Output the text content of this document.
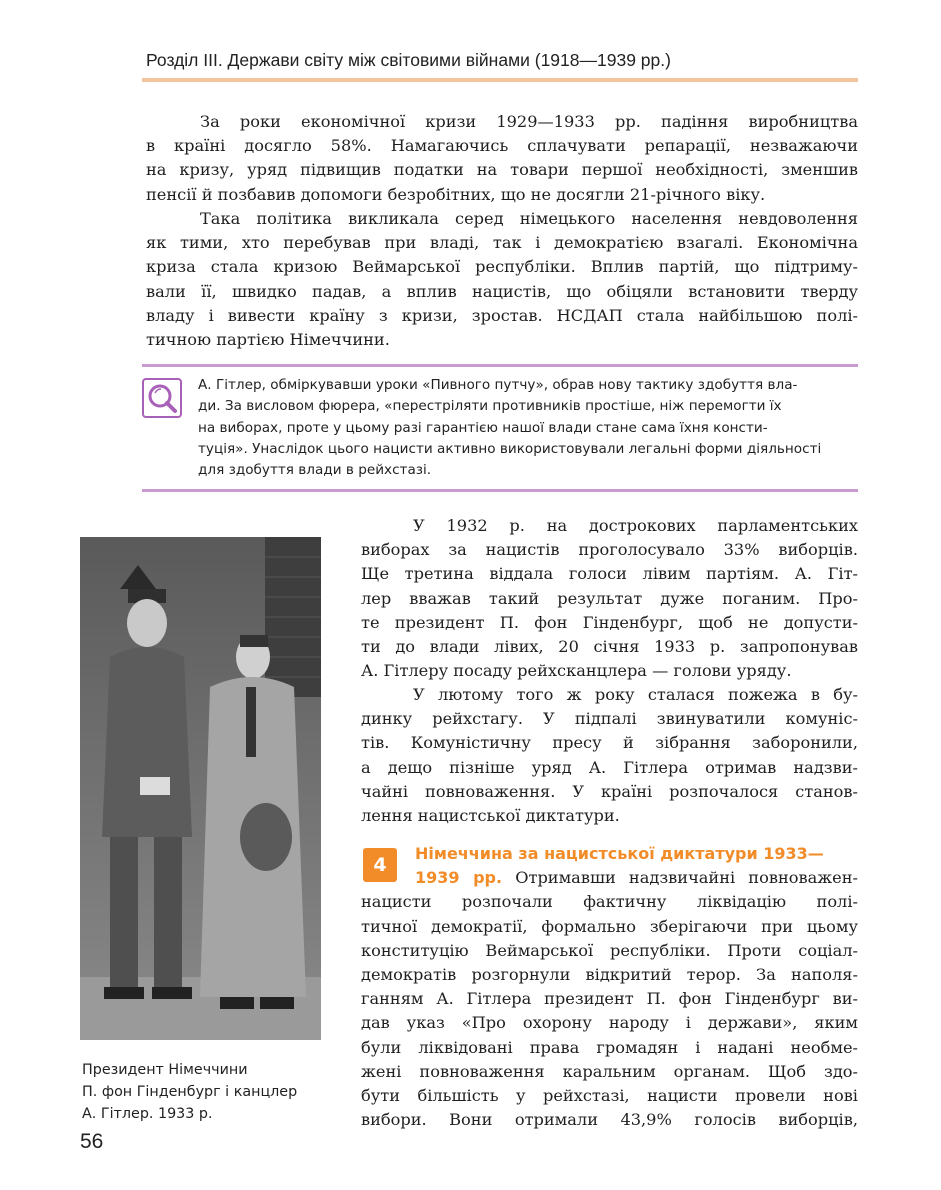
Розділ III. Держави світу між світовими війнами (1918—1939 рр.)
За роки економічної кризи 1929—1933 рр. падіння виробництва
в країні досягло 58%. Намагаючись сплачувати репарації, незважаючи
на кризу, уряд підвищив податки на товари першої необхідності, зменшив
пенсії й позбавив допомоги безробітних, що не досягли 21-річного віку.
Така політика викликала серед німецького населення невдоволення
як тими, хто перебував при владі, так і демократією взагалі. Економічна
криза стала кризою Веймарської республіки. Вплив партій, що підтриму-
вали її, швидко падав, а вплив нацистів, що обіцяли встановити тверду
владу і вивести країну з кризи, зростав. НСДАП стала найбільшою полі-
тичною партією Німеччини.
А. Гітлер, обміркувавши уроки «Пивного путчу», обрав нову тактику здобуття вла-
ди. За висловом фюрера, «перестріляти противників простіше, ніж перемогти їх
на виборах, проте у цьому разі гарантією нашої влади стане сама їхня консти-
туція». Унаслідок цього нацисти активно використовували легальні форми діяльності
для здобуття влади в рейхстазі.
Президент Німеччини
П. фон Гінденбург і канцлер
А. Гітлер. 1933 р.
У 1932 р. на дострокових парламентських
виборах за нацистів проголосувало 33% виборців.
Ще третина віддала голоси лівим партіям. А. Гіт-
лер вважав такий результат дуже поганим. Про-
те президент П. фон Гінденбург, щоб не допусти-
ти до влади лівих, 20 січня 1933 р. запропонував
А. Гітлеру посаду рейхсканцлера — голови уряду.
У лютому того ж року сталася пожежа в бу-
динку рейхстагу. У підпалі звинуватили комуніс-
тів. Комуністичну пресу й зібрання заборонили,
а дещо пізніше уряд А. Гітлера отримав надзви-
чайні повноваження. У країні розпочалося станов-
лення нацистської диктатури.
4
Німеччина за нацистської диктатури 1933—
1939 рр. Отримавши надзвичайні повноважен-
нацисти розпочали фактичну ліквідацію полі-
тичної демократії, формально зберігаючи при цьому
конституцію Веймарської республіки. Проти соціал-
демократів розгорнули відкритий терор. За наполя-
ганням А. Гітлера президент П. фон Гінденбург ви-
дав указ «Про охорону народу і держави», яким
були ліквідовані права громадян і надані необме-
жені повноваження каральним органам. Щоб здо-
бути більшість у рейхстазі, нацисти провели нові
вибори. Вони отримали 43,9% голосів виборців,
56
